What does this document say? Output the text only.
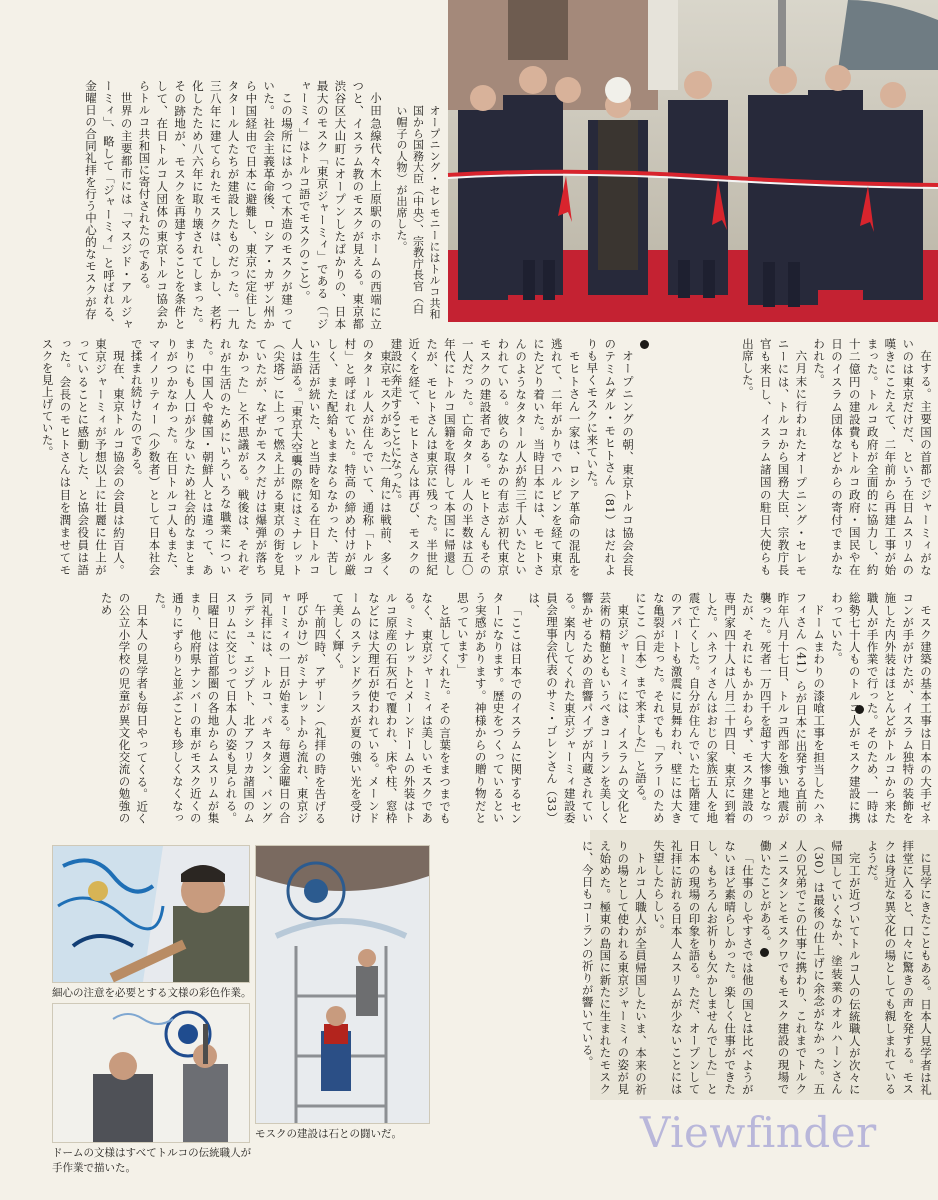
オープニング・セレモニーにはトルコ共和国から国務大臣（中央）、宗教庁長官（白い帽子の人物）が出席した。

小田急線代々木上原駅のホームの西端に立つと、イスラム教のモスクが見える。東京都渋谷区大山町にオープンしたばかりの、日本最大のモスク「東京ジャーミィ」である（「ジャーミィ」はトルコ語でモスクのこと）。

この場所にはかつて木造のモスクが建っていた。社会主義革命後、ロシア・カザン州から中国経由で日本に避難し、東京に定住したタタール人たちが建設したものだった。一九三八年に建てられたモスクは、しかし、老朽化したため八六年に取り壊されてしまった。その跡地が、モスクを再建することを条件として、在日トルコ人団体の東京トルコ協会からトルコ共和国に寄付されたのである。

世界の主要都市には「マスジド・アルジャーミィ」、略して「ジャーミィ」と呼ばれる、金曜日の合同礼拝を行う中心的なモスクが存

在する。主要国の首都でジャーミィがないのは東京だけだ、という在日ムスリムの嘆きにこたえて、二年前から再建工事が始まった。トルコ政府が全面的に協力し、約十二億円の建設費もトルコ政府・国民や在日のイスラム団体などからの寄付でまかなわれた。

六月末に行われたオープニング・セレモニーには、トルコから国務大臣、宗教庁長官も来日し、イスラム諸国の駐日大使らも出席した。

オープニングの朝、東京トルコ協会会長のテミムダル・モヒトさん（81）はだれよりも早くモスクに来ていた。

モヒトさん一家は、ロシア革命の混乱を逃れて、二年がかりでハルビンを経て東京にたどり着いた。当時日本には、モヒトさんのようなタタール人が約三千人いたといわれている。彼らのなかの有志が初代東京モスクの建設者である。モヒトさんもその一人だった。亡命タタール人の半数は五〇年代にトルコ国籍を取得して本国に帰還したが、モヒトさんは東京に残った。半世紀近くを経て、モヒトさんは再び、モスクの建設に奔走することになった。

東京モスクがあった一角には戦前、多くのタタール人が住んでいて、通称「トルコ村」と呼ばれていた。特高の締め付けが厳しく、また配給もままならなかった、苦しい生活が続いた、と当時を知る在日トルコ人は語る。「東京大空襲の際にはミナレット（尖塔）に上って燃え上がる東京の街を見ていたが、なぜかモスクだけは爆弾が落ちなかった」と不思議がる。戦後は、それぞれが生活のためにいろいろな職業についた。中国人や韓国・朝鮮人とは違って、あまりにも人口が少ないため社会的なまとまりがつかなかった。在日トルコ人もまた、マイノリティー（少数者）として日本社会で揉まれ続けたのである。

現在、東京トルコ協会の会員は約百人。東京ジャーミィが予想以上に壮麗に仕上がっていることに感動した、と協会役員は語った。会長のモヒトさんは目を潤ませてモスクを見上げていた。

モスク建築の基本工事は日本の大手ゼネコンが手がけたが、イスラム独特の装飾を施した内外装はほとんどがトルコから来た職人が手作業で行った。そのため、一時は総勢七十人ものトルコ人がモスク建設に携わっていた。

ドームまわりの漆喰工事を担当したハネフィさん（41）らが日本に出発する直前の昨年八月十七日、トルコ西部を強い地震が襲った。死者一万四千を超す大惨事となったが、それにもかかわらず、モスク建設の専門家四十人は八月二十四日、東京に到着した。ハネフィさんはおじの家族五人を地震で亡くした。自分が住んでいた七階建てのアパートも激震に見舞われ、壁には大きな亀裂が走った。それでも「アラーのためにここ（日本）まで来ました」と語る。

東京ジャーミィには、イスラムの文化と芸術の精髄ともいうべきコーランを美しく響かせるための音響パイプが内蔵されている。案内してくれた東京ジャーミィ建設委員会理事会代表のサミ・ゴレンさん（33）は、

「ここは日本でのイスラムに関するセンターになります。歴史をつくっているという実感があります。神様からの贈り物だと思っています」

と話してくれた。その言葉をまつまでもなく、東京ジャーミィは美しいモスクである。ミナレットとメーンドームの外装はトルコ原産の石灰石で覆われ、床や柱、窓枠などには大理石が使われている。メーンドームのステンドグラスが夏の強い光を受けて美しく輝く。

午前四時、アザーン（礼拝の時を告げる呼びかけ）がミナレットから流れ、東京ジャーミィの一日が始まる。毎週金曜日の合同礼拝には、トルコ、パキスタン、バングラデシュ、エジプト、北アフリカ諸国のムスリムに交じって日本人の姿も見られる。日曜日には首都圏の各地からムスリムが集まり、他府県ナンバーの車がモスク近くの通りにずらりと並ぶことも珍しくなくなった。

日本人の見学者も毎日やってくる。近くの公立小学校の児童が異文化交流の勉強のため

に見学にきたこともある。日本人見学者は礼拝堂に入ると、口々に驚きの声を発する。モスクは身近な異文化の場としても親しまれているようだ。

完工が近づいてトルコ人の伝統職人が次々に帰国していくなか、塗装業のオルハーンさん（30）は最後の仕上げに余念がなかった。五人の兄弟でこの仕事に携わり、これまでトルクメニスタンとモスクワでもモスク建設の現場で働いたことがある。

「仕事のしやすさでは他の国とは比べようがないほど素晴らしかった。楽しく仕事ができたし、もちろんお祈りも欠かしませんでした」と日本の現場の印象を語る。ただ、オープンして礼拝に訪れる日本人ムスリムが少ないことには失望したらしい。

トルコ人職人が全員帰国したいま、本来の祈りの場として使われる東京ジャーミィの姿が見え始めた。極東の島国に新たに生まれたモスクに、今日もコーランの祈りが響いている。

細心の注意を必要とする文様の彩色作業。
ドームの文様はすべてトルコの伝統職人が手作業で描いた。
モスクの建設は石との闘いだ。	Viewfinder
